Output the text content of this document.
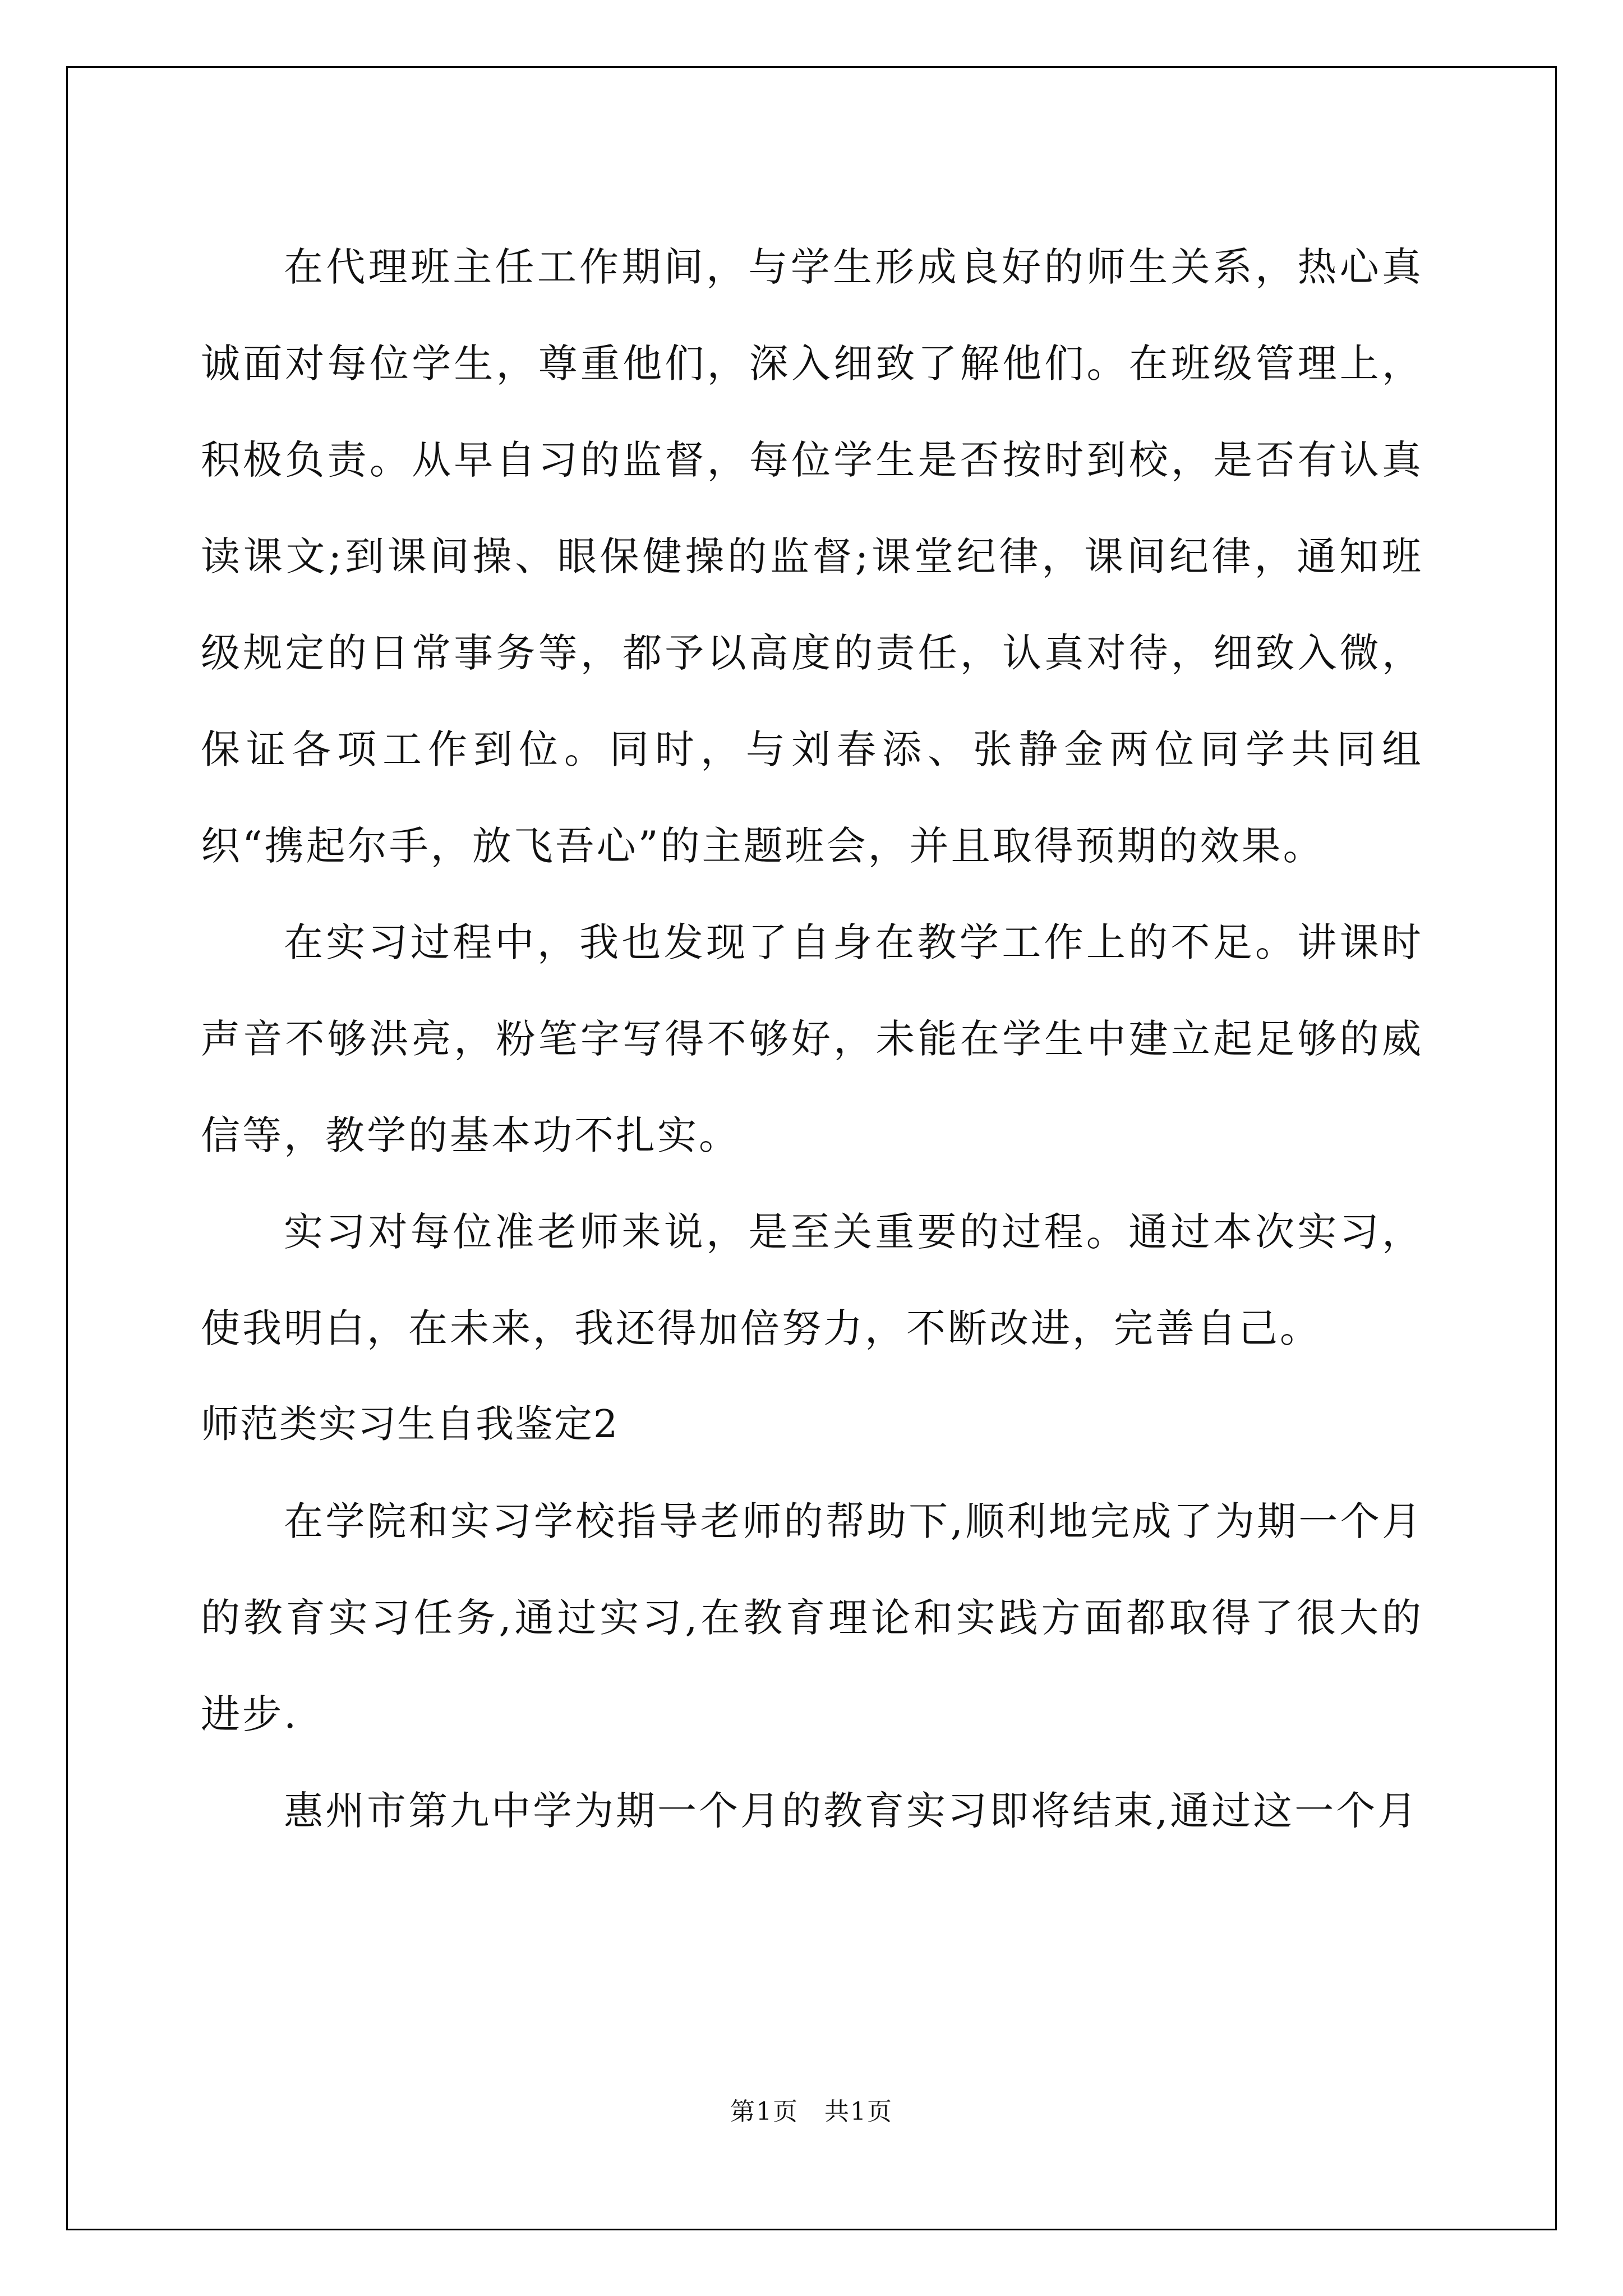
在代理班主任工作期间，与学生形成良好的师生关系，热心真诚面对每位学生，尊重他们，深入细致了解他们。在班级管理上，积极负责。从早自习的监督，每位学生是否按时到校，是否有认真读课文;到课间操、眼保健操的监督;课堂纪律，课间纪律，通知班级规定的日常事务等，都予以高度的责任，认真对待，细致入微，保证各项工作到位。同时，与刘春添、张静金两位同学共同组织“携起尔手，放飞吾心”的主题班会，并且取得预期的效果。

在实习过程中，我也发现了自身在教学工作上的不足。讲课时声音不够洪亮，粉笔字写得不够好，未能在学生中建立起足够的威信等，教学的基本功不扎实。

实习对每位准老师来说，是至关重要的过程。通过本次实习，使我明白，在未来，我还得加倍努力，不断改进，完善自己。

师范类实习生自我鉴定2

在学院和实习学校指导老师的帮助下,顺利地完成了为期一个月的教育实习任务,通过实习,在教育理论和实践方面都取得了很大的进步.

惠州市第九中学为期一个月的教育实习即将结束,通过这一个月

第1页　共1页
